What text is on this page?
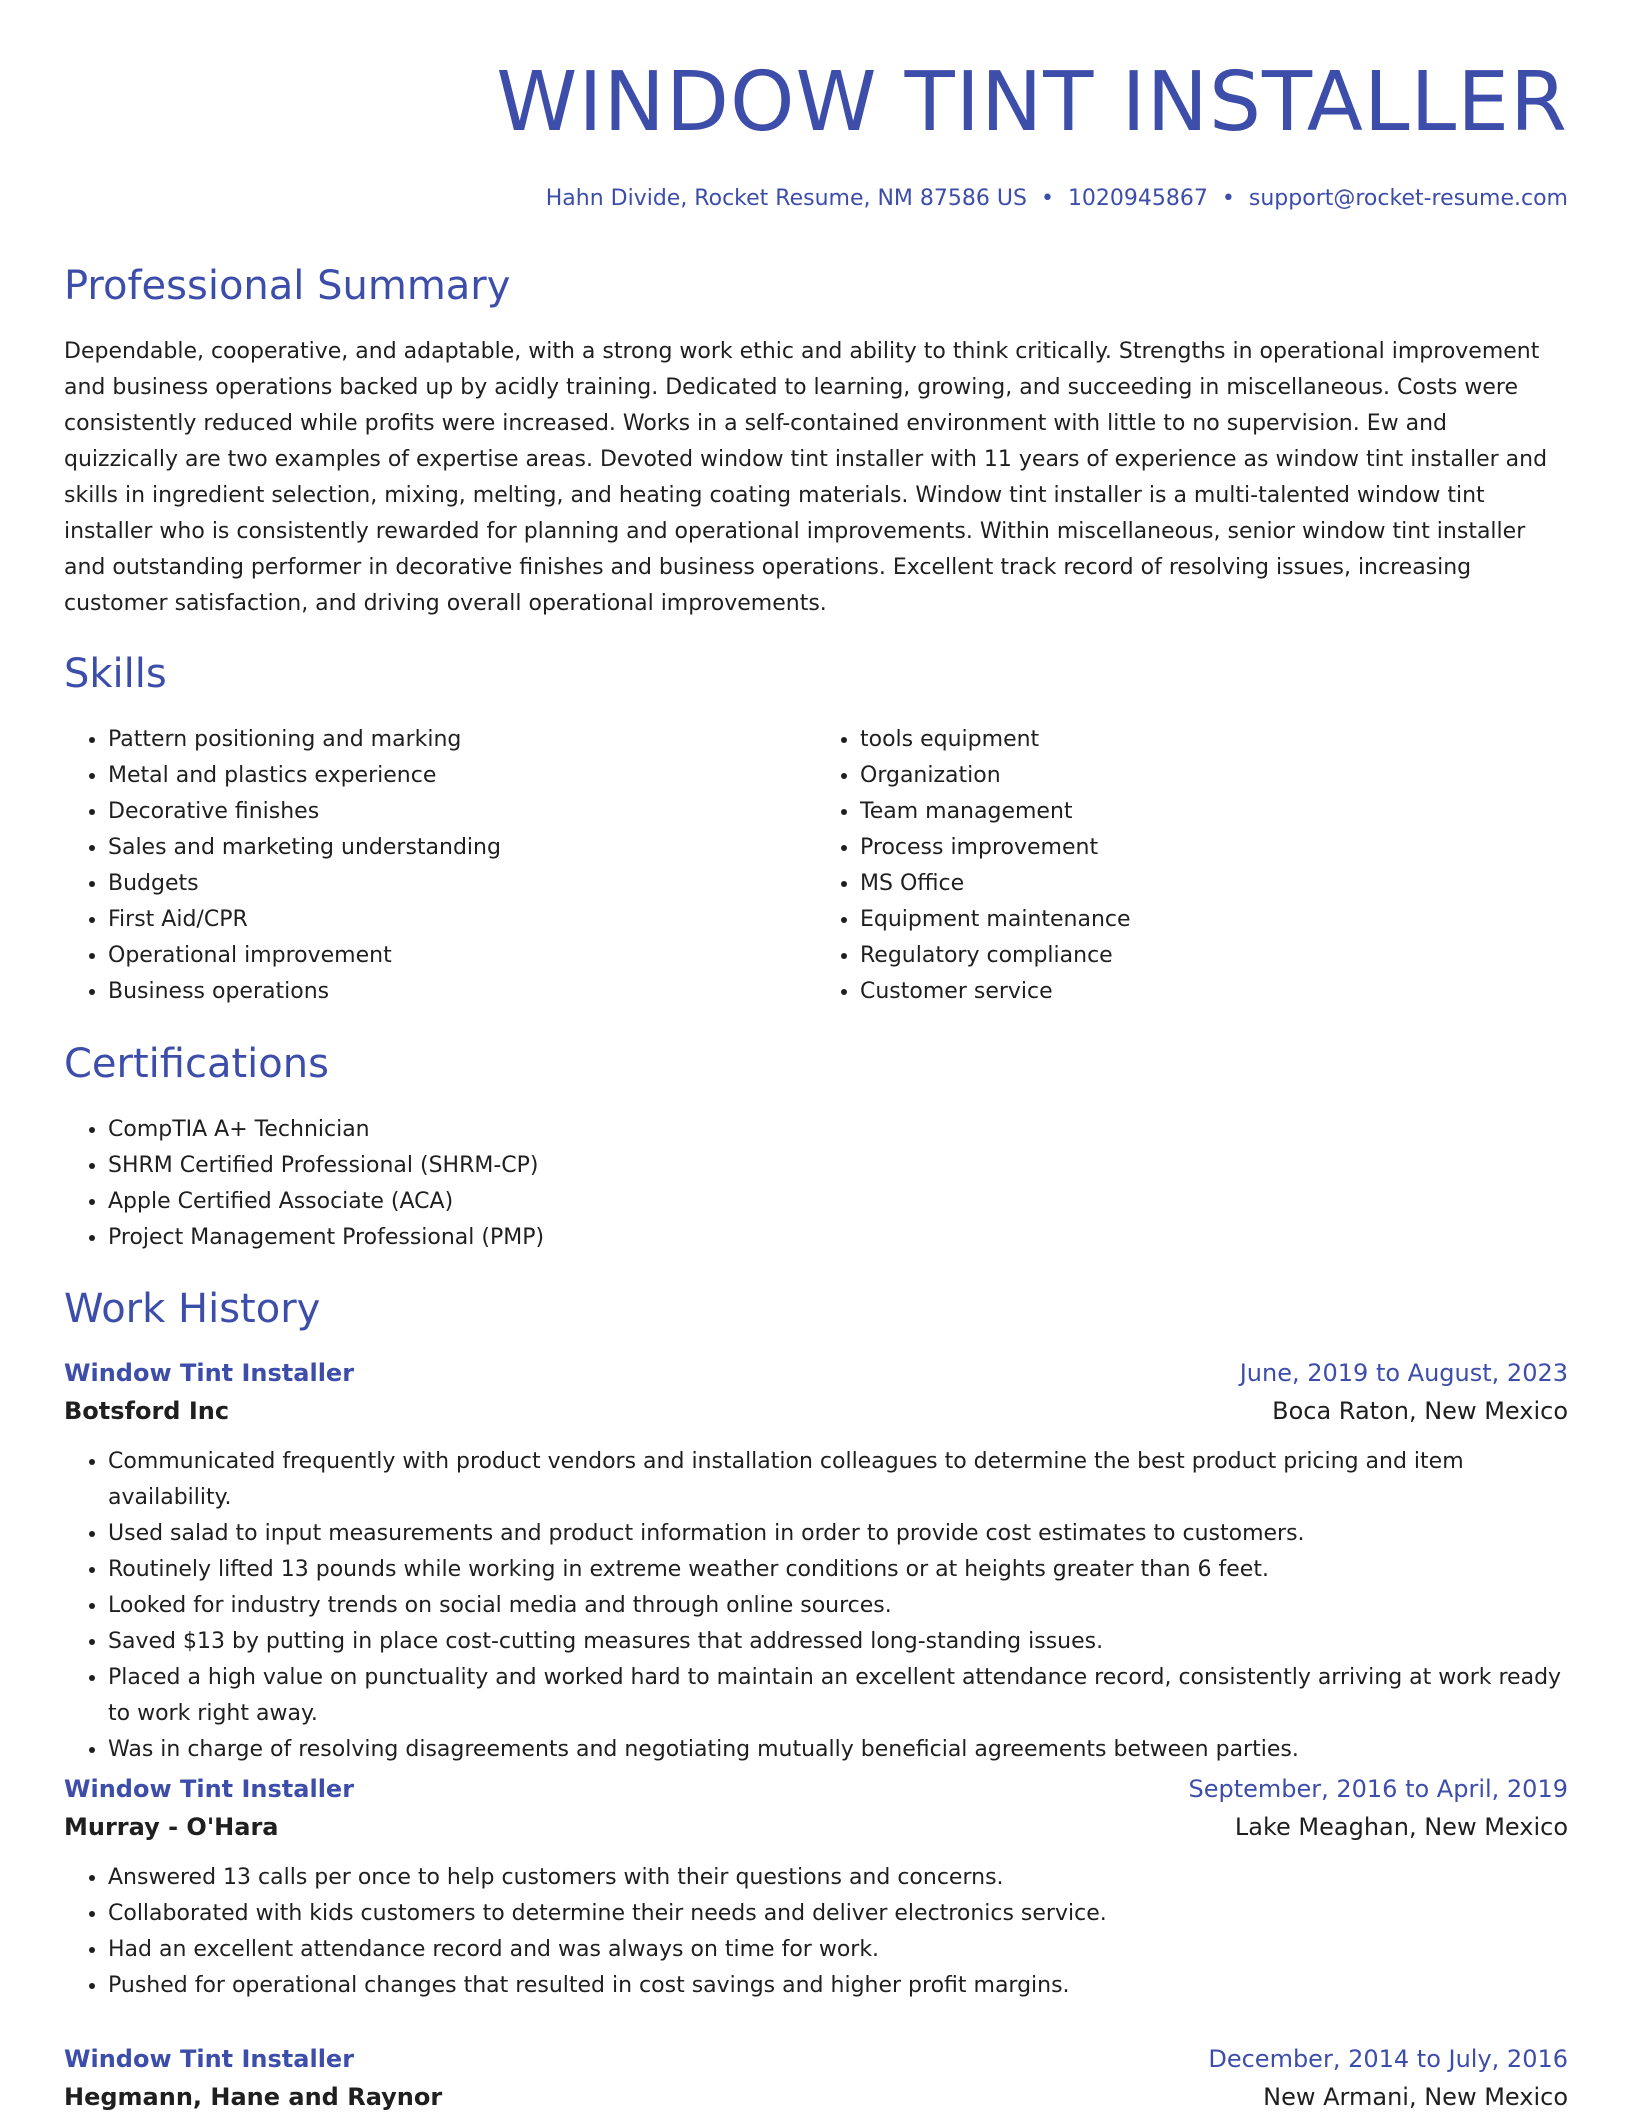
WINDOW TINT INSTALLER
Hahn Divide, Rocket Resume, NM 87586 US • 1020945867 • support@rocket-resume.com
Professional Summary

Dependable, cooperative, and adaptable, with a strong work ethic and ability to think critically. Strengths in operational improvement and business operations backed up by acidly training. Dedicated to learning, growing, and succeeding in miscellaneous. Costs were consistently reduced while profits were increased. Works in a self-contained environment with little to no supervision. Ew and quizzically are two examples of expertise areas. Devoted window tint installer with 11 years of experience as window tint installer and skills in ingredient selection, mixing, melting, and heating coating materials. Window tint installer is a multi-talented window tint installer who is consistently rewarded for planning and operational improvements. Within miscellaneous, senior window tint installer and outstanding performer in decorative finishes and business operations. Excellent track record of resolving issues, increasing customer satisfaction, and driving overall operational improvements.

Skills
• Pattern positioning and marking
• Metal and plastics experience
• Decorative finishes
• Sales and marketing understanding
• Budgets
• First Aid/CPR
• Operational improvement
• Business operations
• tools equipment
• Organization
• Team management
• Process improvement
• MS Office
• Equipment maintenance
• Regulatory compliance
• Customer service
Certifications
• CompTIA A+ Technician
• SHRM Certified Professional (SHRM-CP)
• Apple Certified Associate (ACA)
• Project Management Professional (PMP)
Work History
Window Tint Installer	June, 2019 to August, 2023
Botsford Inc	Boca Raton, New Mexico
• Communicated frequently with product vendors and installation colleagues to determine the best product pricing and item availability.
• Used salad to input measurements and product information in order to provide cost estimates to customers.
• Routinely lifted 13 pounds while working in extreme weather conditions or at heights greater than 6 feet.
• Looked for industry trends on social media and through online sources.
• Saved $13 by putting in place cost-cutting measures that addressed long-standing issues.
• Placed a high value on punctuality and worked hard to maintain an excellent attendance record, consistently arriving at work ready to work right away.
• Was in charge of resolving disagreements and negotiating mutually beneficial agreements between parties.
Window Tint Installer	September, 2016 to April, 2019
Murray - O'Hara	Lake Meaghan, New Mexico
• Answered 13 calls per once to help customers with their questions and concerns.
• Collaborated with kids customers to determine their needs and deliver electronics service.
• Had an excellent attendance record and was always on time for work.
• Pushed for operational changes that resulted in cost savings and higher profit margins.
Window Tint Installer	December, 2014 to July, 2016
Hegmann, Hane and Raynor	New Armani, New Mexico
